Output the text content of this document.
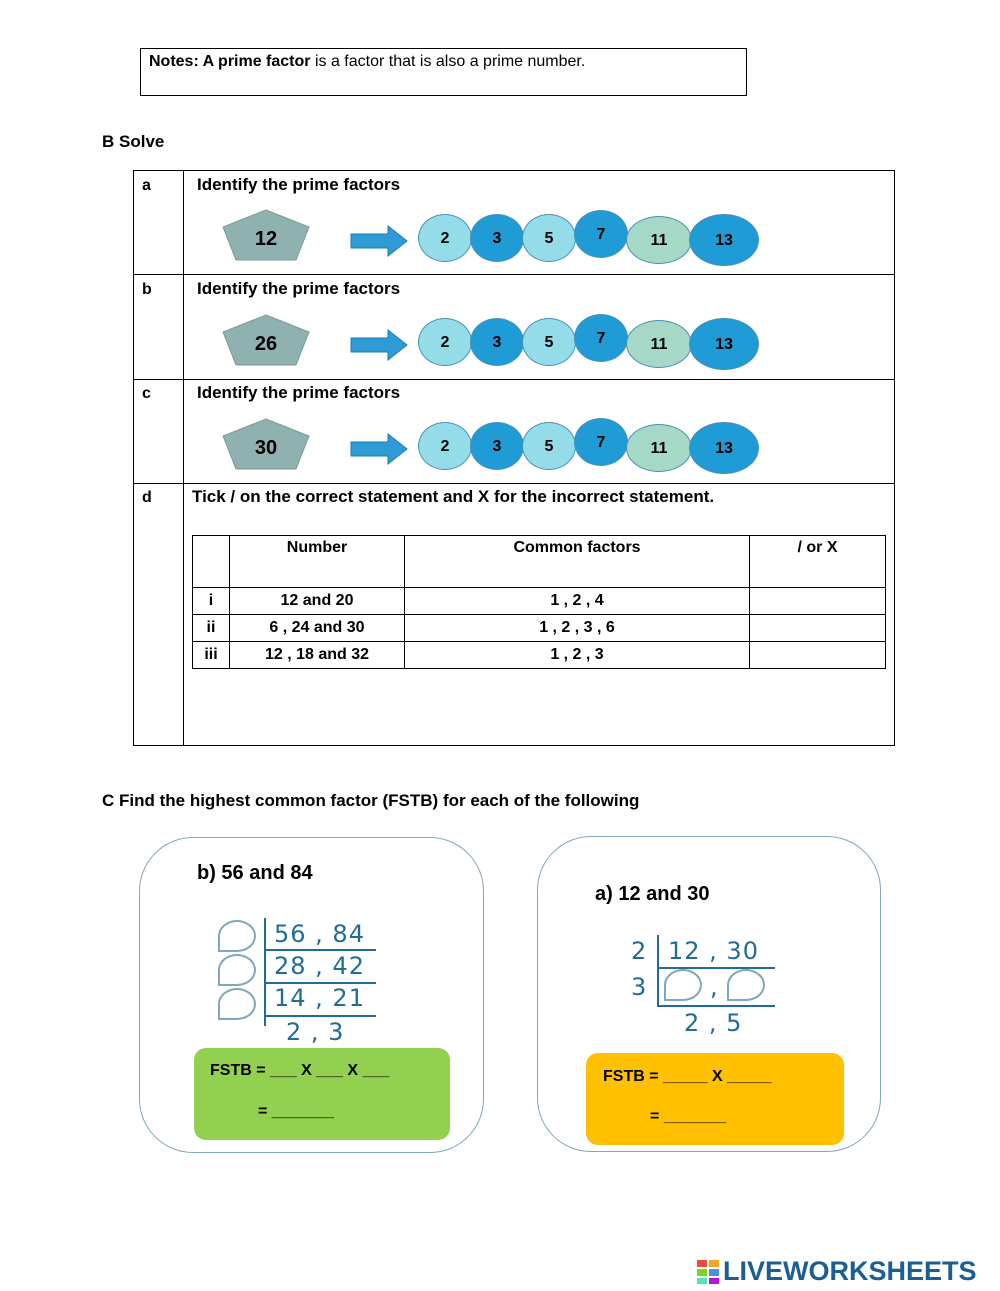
Notes: A prime factor is a factor that is also a prime number.
B Solve
a	Identify the prime factors
12	2	3	5	7	11	13
b	Identify the prime factors
26	2	3	5	7	11	13
c	Identify the prime factors
30	2	3	5	7	11	13
d Tick / on the correct statement and X for the incorrect statement.
	Number	Common factors	/ or X
i	12 and 20	1 , 2 , 4	
ii	6 , 24 and 30	1 , 2 , 3 , 6	
iii	12 , 18 and 32	1 , 2 , 3	
C Find the highest common factor (FSTB) for each of the following
b) 56 and 84
56 , 84
28 , 42
14 , 21
2 , 3
FSTB = ___ X ___ X ___
= _______
a) 12 and 30
2
3
12 , 30
,
2 , 5
FSTB = _____ X _____
= _______
LIVEWORKSHEETS
